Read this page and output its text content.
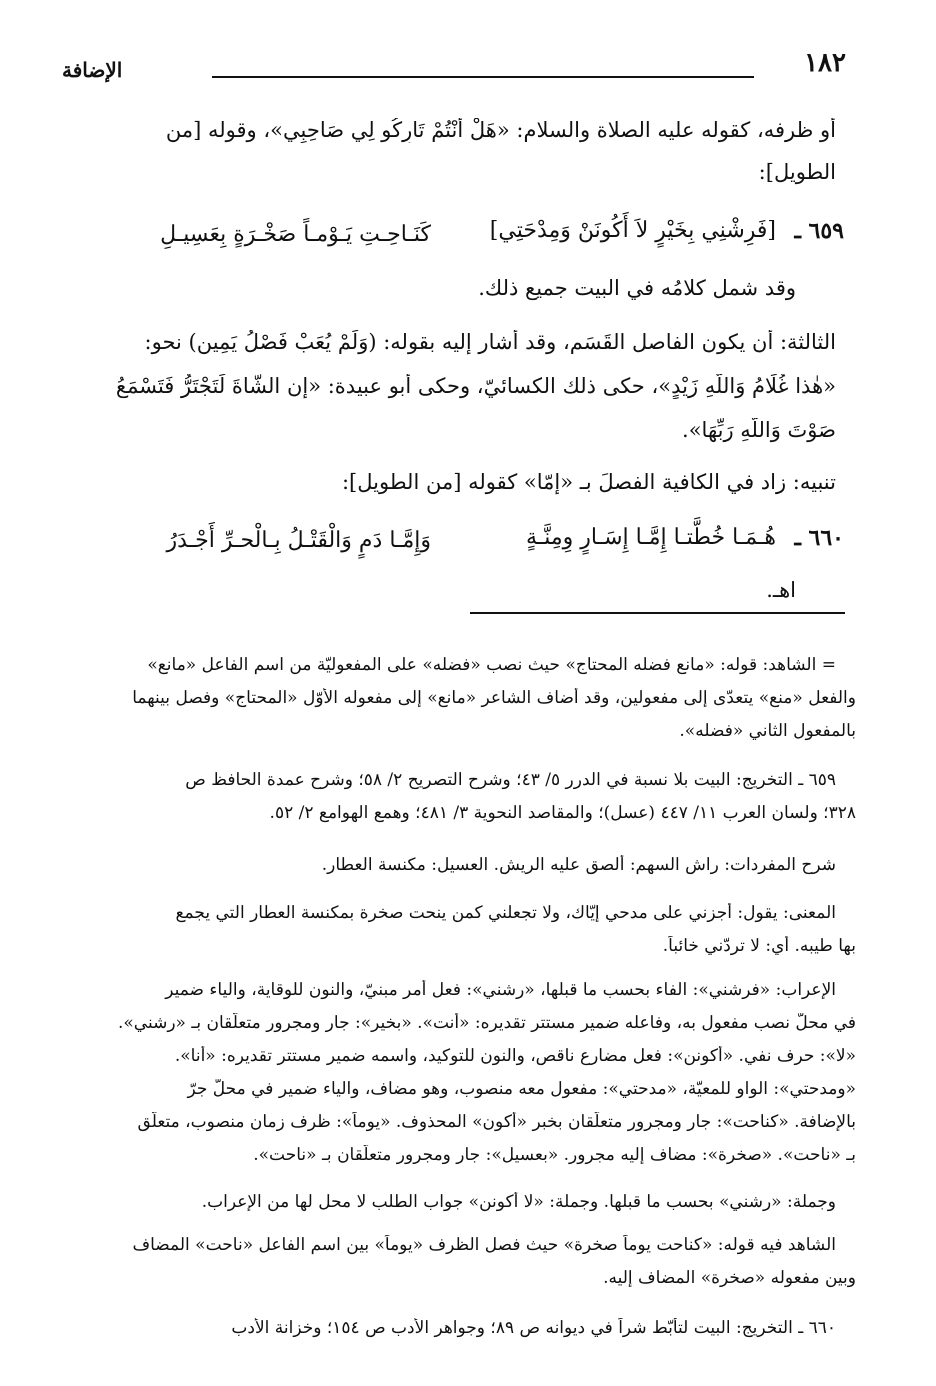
١٨٢
الإضافة
أو ظرفه، كقوله عليه الصلاة والسلام: «هَلْ أَنْتُمْ تَارِكُو لِي صَاحِبِي»، وقوله [من
الطويل]:
٦٥٩ ـ
[فَرِشْنِي بِخَيْرٍ لاَ أَكُونَنْ وَمِدْحَتِي]
كَنَـاحِـتِ يَـوْمـاً صَخْـرَةٍ بِعَسِيـلِ
وقد شمل كلامُه في البيت جميع ذلك.
الثالثة: أن يكون الفاصل القَسَم، وقد أشار إليه بقوله: (وَلَمْ يُعَبْ فَصْلُ يَمِينٍ) نحو:
«هٰذا غُلَامُ وَاللَّهِ زَيْدٍ»، حكى ذلك الكسائيّ، وحكى أبو عبيدة: «إن الشَّاةَ لَتَجْتَرُّ فَتَسْمَعُ
صَوْتَ وَاللَّهِ رَبِّهَا».
تنبيه: زاد في الكافية الفصلَ بـ «إمّا» كقوله [من الطويل]:
٦٦٠ ـ
هُـمَـا خُطَّتـا إِمَّـا إِسَـارٍ وِمِنَّـةٍ
وَإِمَّـا دَمٍ وَالْقَتْـلُ بِـالْحـرِّ أَجْـدَرُ
اهـ.
= الشاهد: قوله: «مانع فضله المحتاج» حيث نصب «فضله» على المفعوليّة من اسم الفاعل «مانع»
والفعل «منع» يتعدّى إلى مفعولين، وقد أضاف الشاعر «مانع» إلى مفعوله الأوّل «المحتاج» وفصل بينهما
بالمفعول الثاني «فضله».
٦٥٩ ـ التخريج: البيت بلا نسبة في الدرر ٥/ ٤٣؛ وشرح التصريح ٢/ ٥٨؛ وشرح عمدة الحافظ ص
٣٢٨؛ ولسان العرب ١١/ ٤٤٧ (عسل)؛ والمقاصد النحوية ٣/ ٤٨١؛ وهمع الهوامع ٢/ ٥٢.
شرح المفردات: راش السهم: ألصق عليه الريش. العسيل: مكنسة العطار.
المعنى: يقول: أجزني على مدحي إيّاك، ولا تجعلني كمن ينحت صخرة بمكنسة العطار التي يجمع
بها طيبه. أي: لا تردّني خائباً.
الإعراب: «فرشني»: الفاء بحسب ما قبلها، «رشني»: فعل أمر مبنيّ، والنون للوقاية، والياء ضمير
في محلّ نصب مفعول به، وفاعله ضمير مستتر تقديره: «أنت». «بخير»: جار ومجرور متعلّقان بـ «رشني».
«لا»: حرف نفي. «أكونن»: فعل مضارع ناقص، والنون للتوكيد، واسمه ضمير مستتر تقديره: «أنا».
«ومدحتي»: الواو للمعيّة، «مدحتي»: مفعول معه منصوب، وهو مضاف، والياء ضمير في محلّ جرّ
بالإضافة. «كناحت»: جار ومجرور متعلّقان بخبر «أكون» المحذوف. «يوماً»: ظرف زمان منصوب، متعلّق
بـ «ناحت». «صخرة»: مضاف إليه مجرور. «بعسيل»: جار ومجرور متعلّقان بـ «ناحت».
وجملة: «رشني» بحسب ما قبلها. وجملة: «لا أكونن» جواب الطلب لا محل لها من الإعراب.
الشاهد فيه قوله: «كناحت يوماً صخرة» حيث فصل الظرف «يوماً» بين اسم الفاعل «ناحت» المضاف
وبين مفعوله «صخرة» المضاف إليه.
٦٦٠ ـ التخريج: البيت لتأبّط شراً في ديوانه ص ٨٩؛ وجواهر الأدب ص ١٥٤؛ وخزانة الأدب
